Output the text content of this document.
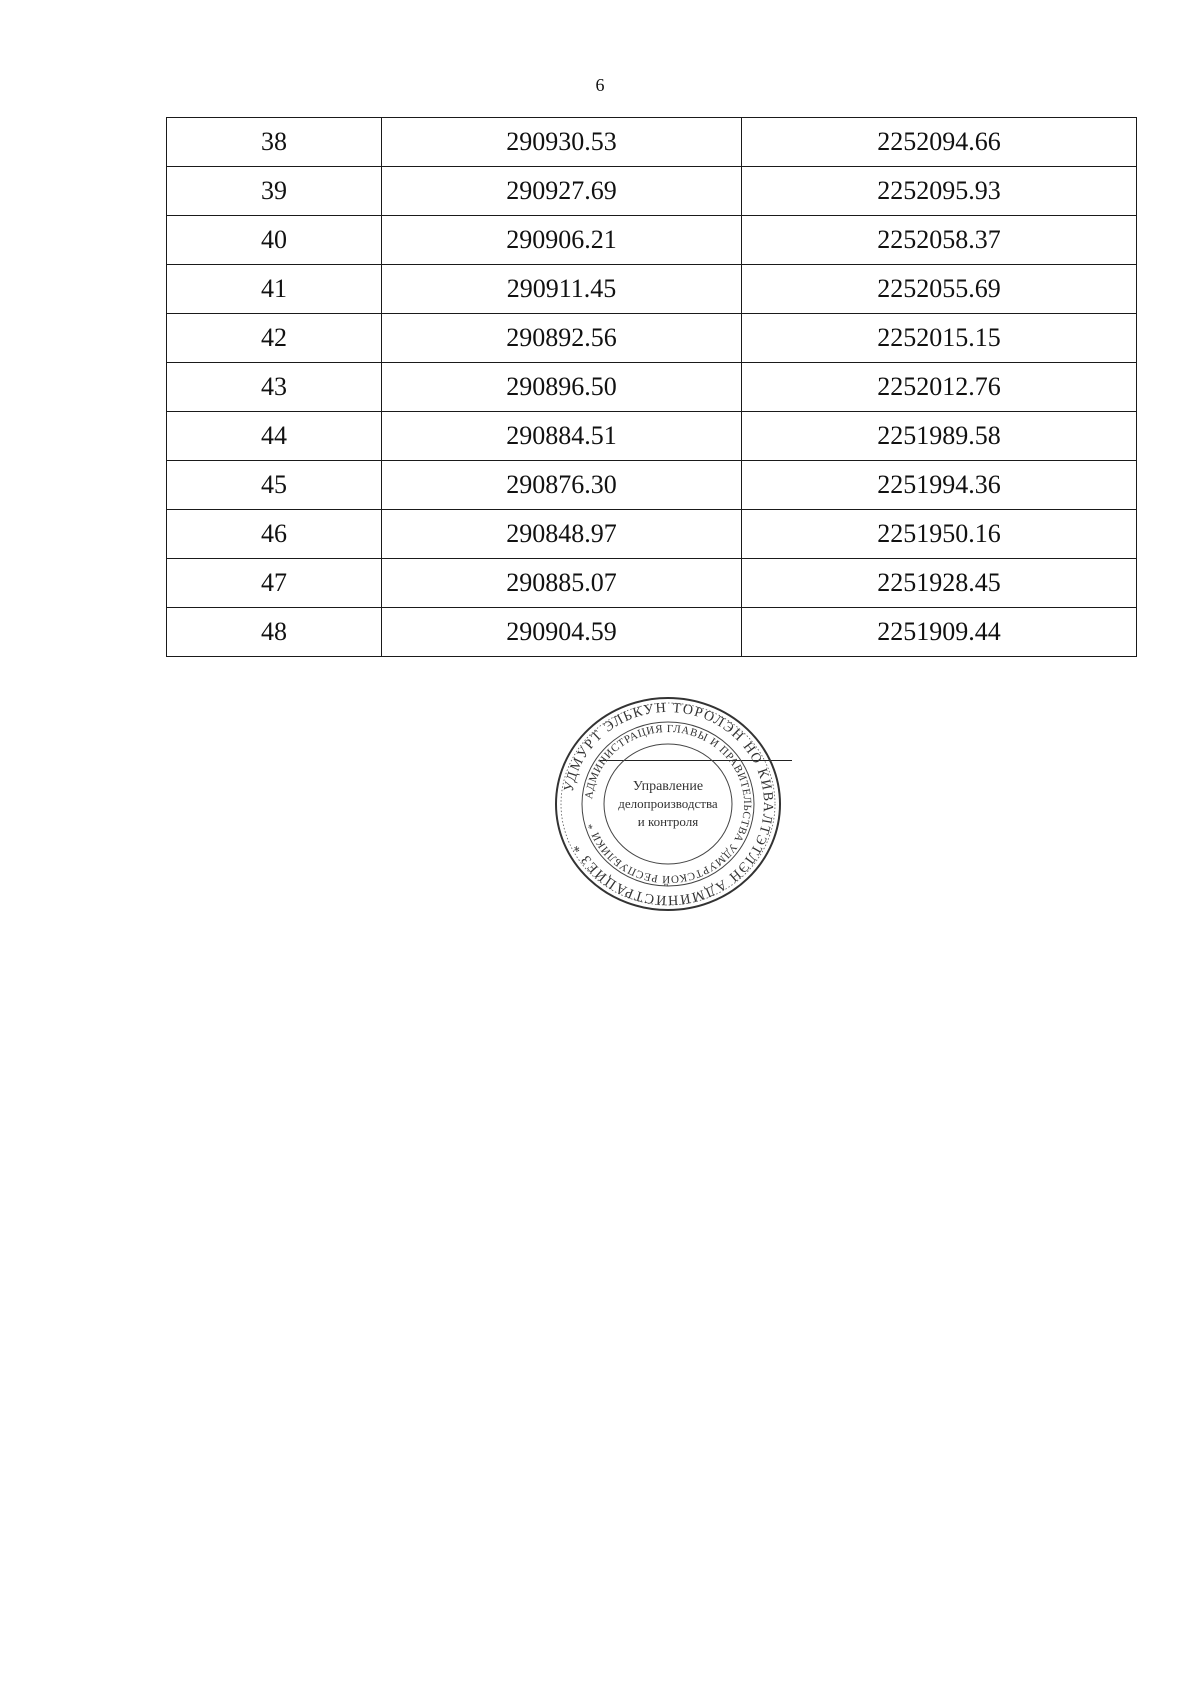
6
38	290930.53	2252094.66
39	290927.69	2252095.93
40	290906.21	2252058.37
41	290911.45	2252055.69
42	290892.56	2252015.15
43	290896.50	2252012.76
44	290884.51	2251989.58
45	290876.30	2251994.36
46	290848.97	2251950.16
47	290885.07	2251928.45
48	290904.59	2251909.44
УДМУРТ ЭЛЬКУН ТОРОЛЭН НО КИВАЛТЭТЛЭН АДМИНИСТРАЦИЕЗ *
АДМИНИСТРАЦИЯ ГЛАВЫ И ПРАВИТЕЛЬСТВА УДМУРТСКОЙ РЕСПУБЛИКИ *
Управление
делопроизводства
и контроля
